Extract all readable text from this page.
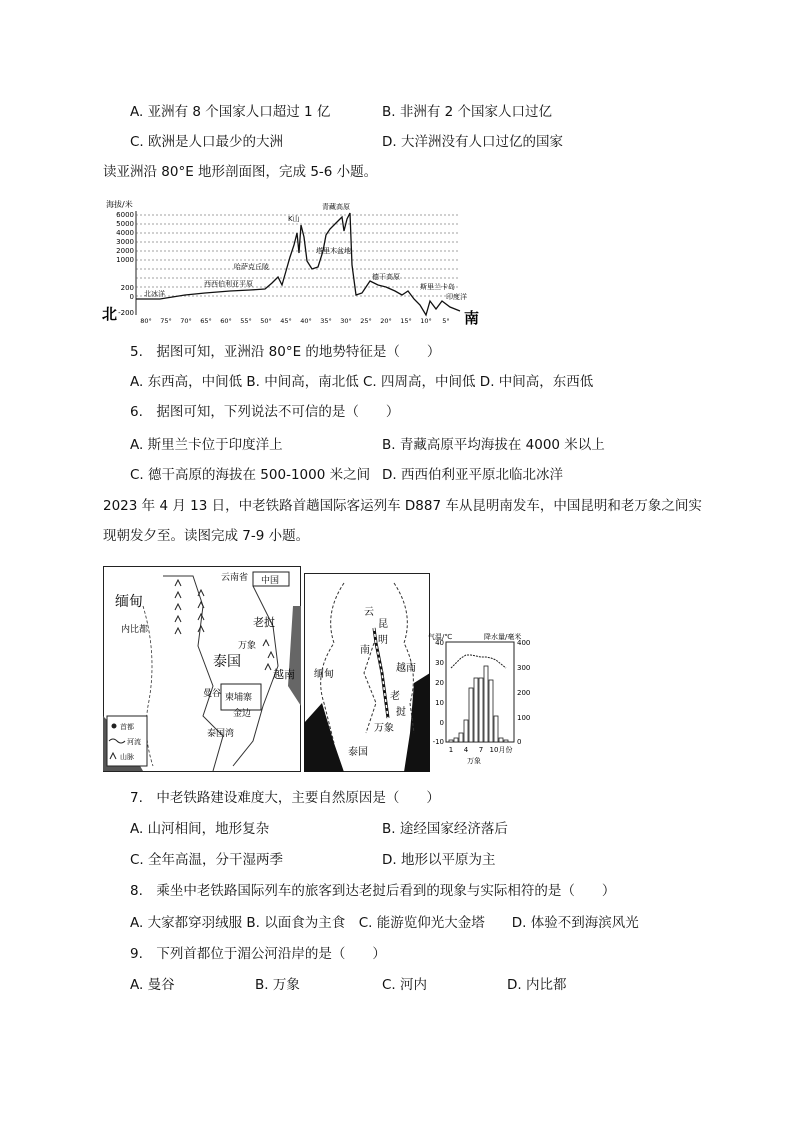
A. 亚洲有 8 个国家人口超过 1 亿	B. 非洲有 2 个国家人口过亿
C. 欧洲是人口最少的大洲	D. 大洋洲没有人口过亿的国家
读亚洲沿 80°E 地形剖面图，完成 5-6 小题。
海拔/米
6000
5000
4000
3000
2000
1000
200
0
-200
北冰洋
西西伯利亚平原
哈萨克丘陵
K山
青藏高原
塔里木盆地
德干高原
斯里兰卡岛
印度洋
北	南
80° 75° 70° 65° 60° 55° 50° 45° 40° 35° 30° 25° 20° 15° 10° 5°
5.　据图可知，亚洲沿 80°E 的地势特征是（　　）
A. 东西高，中间低 B. 中间高，南北低 C. 四周高，中间低 D. 中间高，东西低
6.　据图可知，下列说法不可信的是（　　）
A. 斯里兰卡位于印度洋上	B. 青藏高原平均海拔在 4000 米以上
C. 德干高原的海拔在 500-1000 米之间 D. 西西伯利亚平原北临北冰洋
2023 年 4 月 13 日，中老铁路首趟国际客运列车 D887 车从昆明南发车，中国昆明和老万象之间实
现朝发夕至。读图完成 7-9 小题。
云南省 中国
缅甸
泰国
内比都
曼谷
金边
柬埔寨
越南
老挝
万象
泰国湾
首都
河流
山脉
云
南
昆
明
缅甸
越南
老
挝
万象
泰国
气温/℃	降水量/毫米
40
30
20
10
0
-10
400
300
200
100
0
1 4 7 10月份
万象
7.　中老铁路建设难度大，主要自然原因是（　　）
A. 山河相间，地形复杂	B. 途经国家经济落后
C. 全年高温，分干湿两季	D. 地形以平原为主
8.　乘坐中老铁路国际列车的旅客到达老挝后看到的现象与实际相符的是（　　）
A. 大家都穿羽绒服 B. 以面食为主食　C. 能游览仰光大金塔　　D. 体验不到海滨风光
9.　下列首都位于湄公河沿岸的是（　　）
A. 曼谷	B. 万象	C. 河内	D. 内比都
